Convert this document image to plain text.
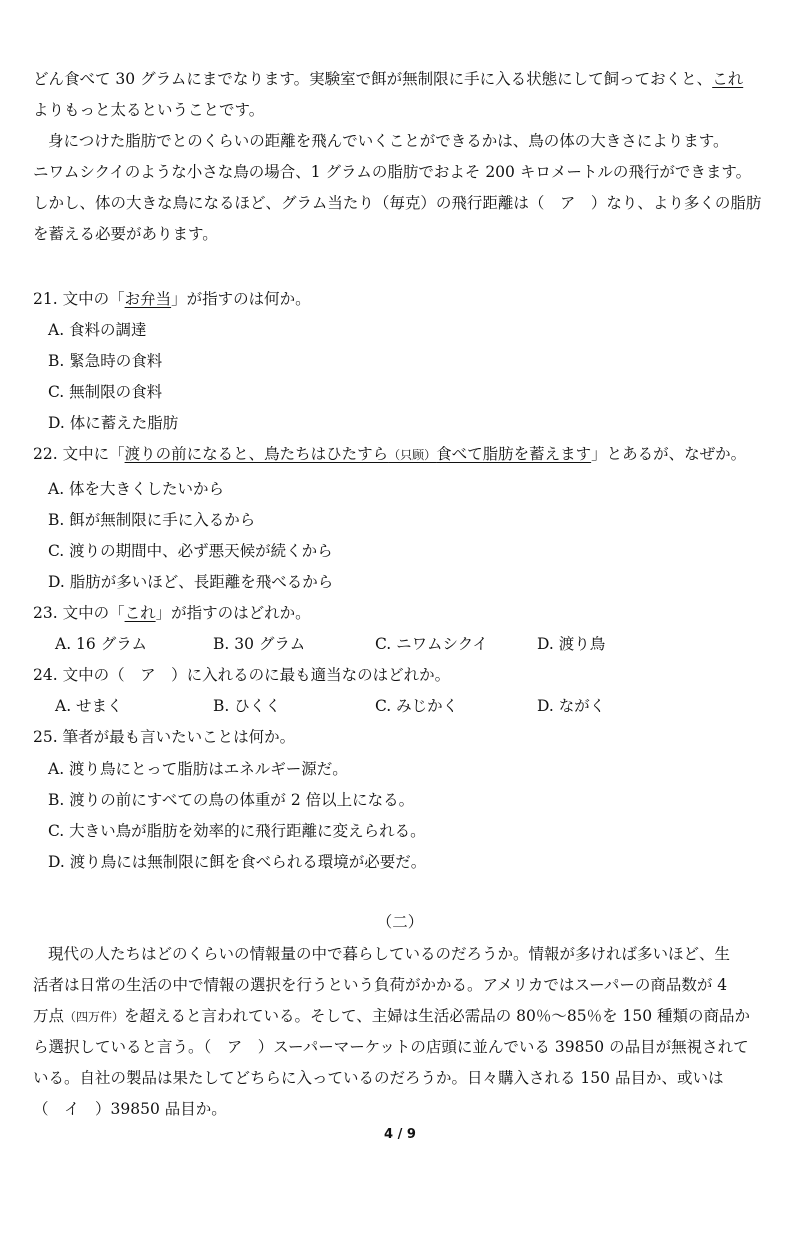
どん食べて 30 グラムにまでなります。実験室で餌が無制限に手に入る状態にして飼っておくと、これ
よりもっと太るということです。
身につけた脂肪でとのくらいの距離を飛んでいくことができるかは、鳥の体の大きさによります。
ニワムシクイのような小さな鳥の場合、1 グラムの脂肪でおよそ 200 キロメートルの飛行ができます。
しかし、体の大きな鳥になるほど、グラム当たり（毎克）の飛行距離は（　ア　）なり、より多くの脂肪
を蓄える必要があります。
21. 文中の「お弁当」が指すのは何か。
A. 食料の調達
B. 緊急時の食料
C. 無制限の食料
D. 体に蓄えた脂肪
22. 文中に「渡りの前になると、鳥たちはひたすら（只顾）食べて脂肪を蓄えます」とあるが、なぜか。
A. 体を大きくしたいから
B. 餌が無制限に手に入るから
C. 渡りの期間中、必ず悪天候が続くから
D. 脂肪が多いほど、長距離を飛べるから
23. 文中の「これ」が指すのはどれか。
A. 16 グラム	B. 30 グラム	C. ニワムシクイ	D. 渡り鳥
24. 文中の（　ア　）に入れるのに最も適当なのはどれか。
A. せまく	B. ひくく	C. みじかく	D. ながく
25. 筆者が最も言いたいことは何か。
A. 渡り鳥にとって脂肪はエネルギー源だ。
B. 渡りの前にすべての鳥の体重が 2 倍以上になる。
C. 大きい鳥が脂肪を効率的に飛行距離に変えられる。
D. 渡り鳥には無制限に餌を食べられる環境が必要だ。
（二）
現代の人たちはどのくらいの情報量の中で暮らしているのだろうか。情報が多ければ多いほど、生
活者は日常の生活の中で情報の選択を行うという負荷がかかる。アメリカではスーパーの商品数が 4
万点（四万件）を超えると言われている。そして、主婦は生活必需品の 80％～85％を 150 種類の商品か
ら選択していると言う。（　ア　）スーパーマーケットの店頭に並んでいる 39850 の品目が無視されて
いる。自社の製品は果たしてどちらに入っているのだろうか。日々購入される 150 品目か、或いは
（　イ　）39850 品目か。
4 / 9
